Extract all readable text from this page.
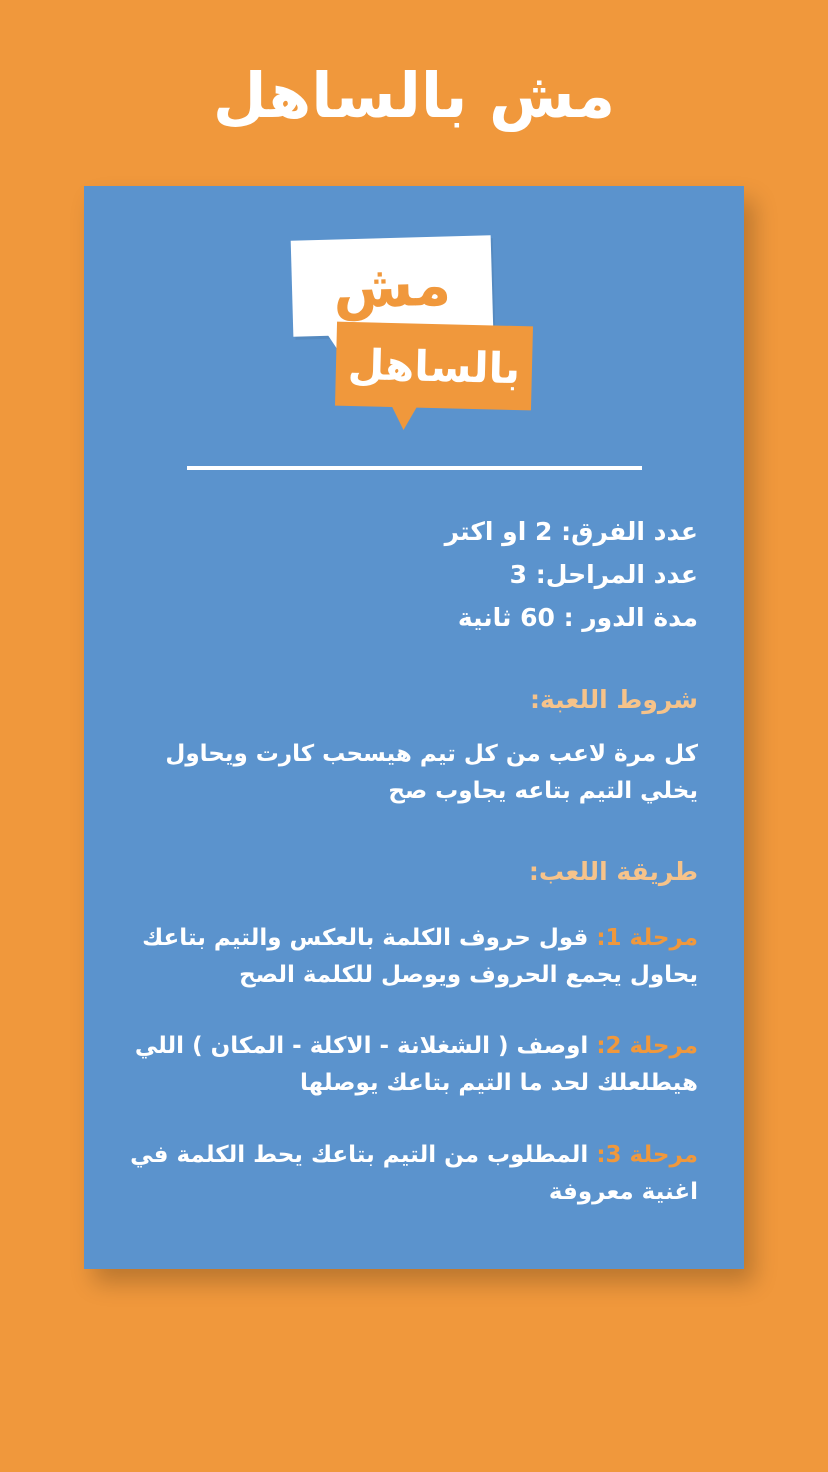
مش بالساهل
مش
بالساهل
عدد الفرق: 2 او اكتر
عدد المراحل: 3
مدة الدور : 60 ثانية
شروط اللعبة:
كل مرة لاعب من كل تيم هيسحب كارت ويحاول يخلي التيم بتاعه يجاوب صح
طريقة اللعب:
مرحلة 1: قول حروف الكلمة بالعكس والتيم بتاعك يحاول يجمع الحروف ويوصل للكلمة الصح
مرحلة 2: اوصف ( الشغلانة - الاكلة - المكان ) اللي هيطلعلك لحد ما التيم بتاعك يوصلها
مرحلة 3: المطلوب من التيم بتاعك يحط الكلمة في اغنية معروفة
